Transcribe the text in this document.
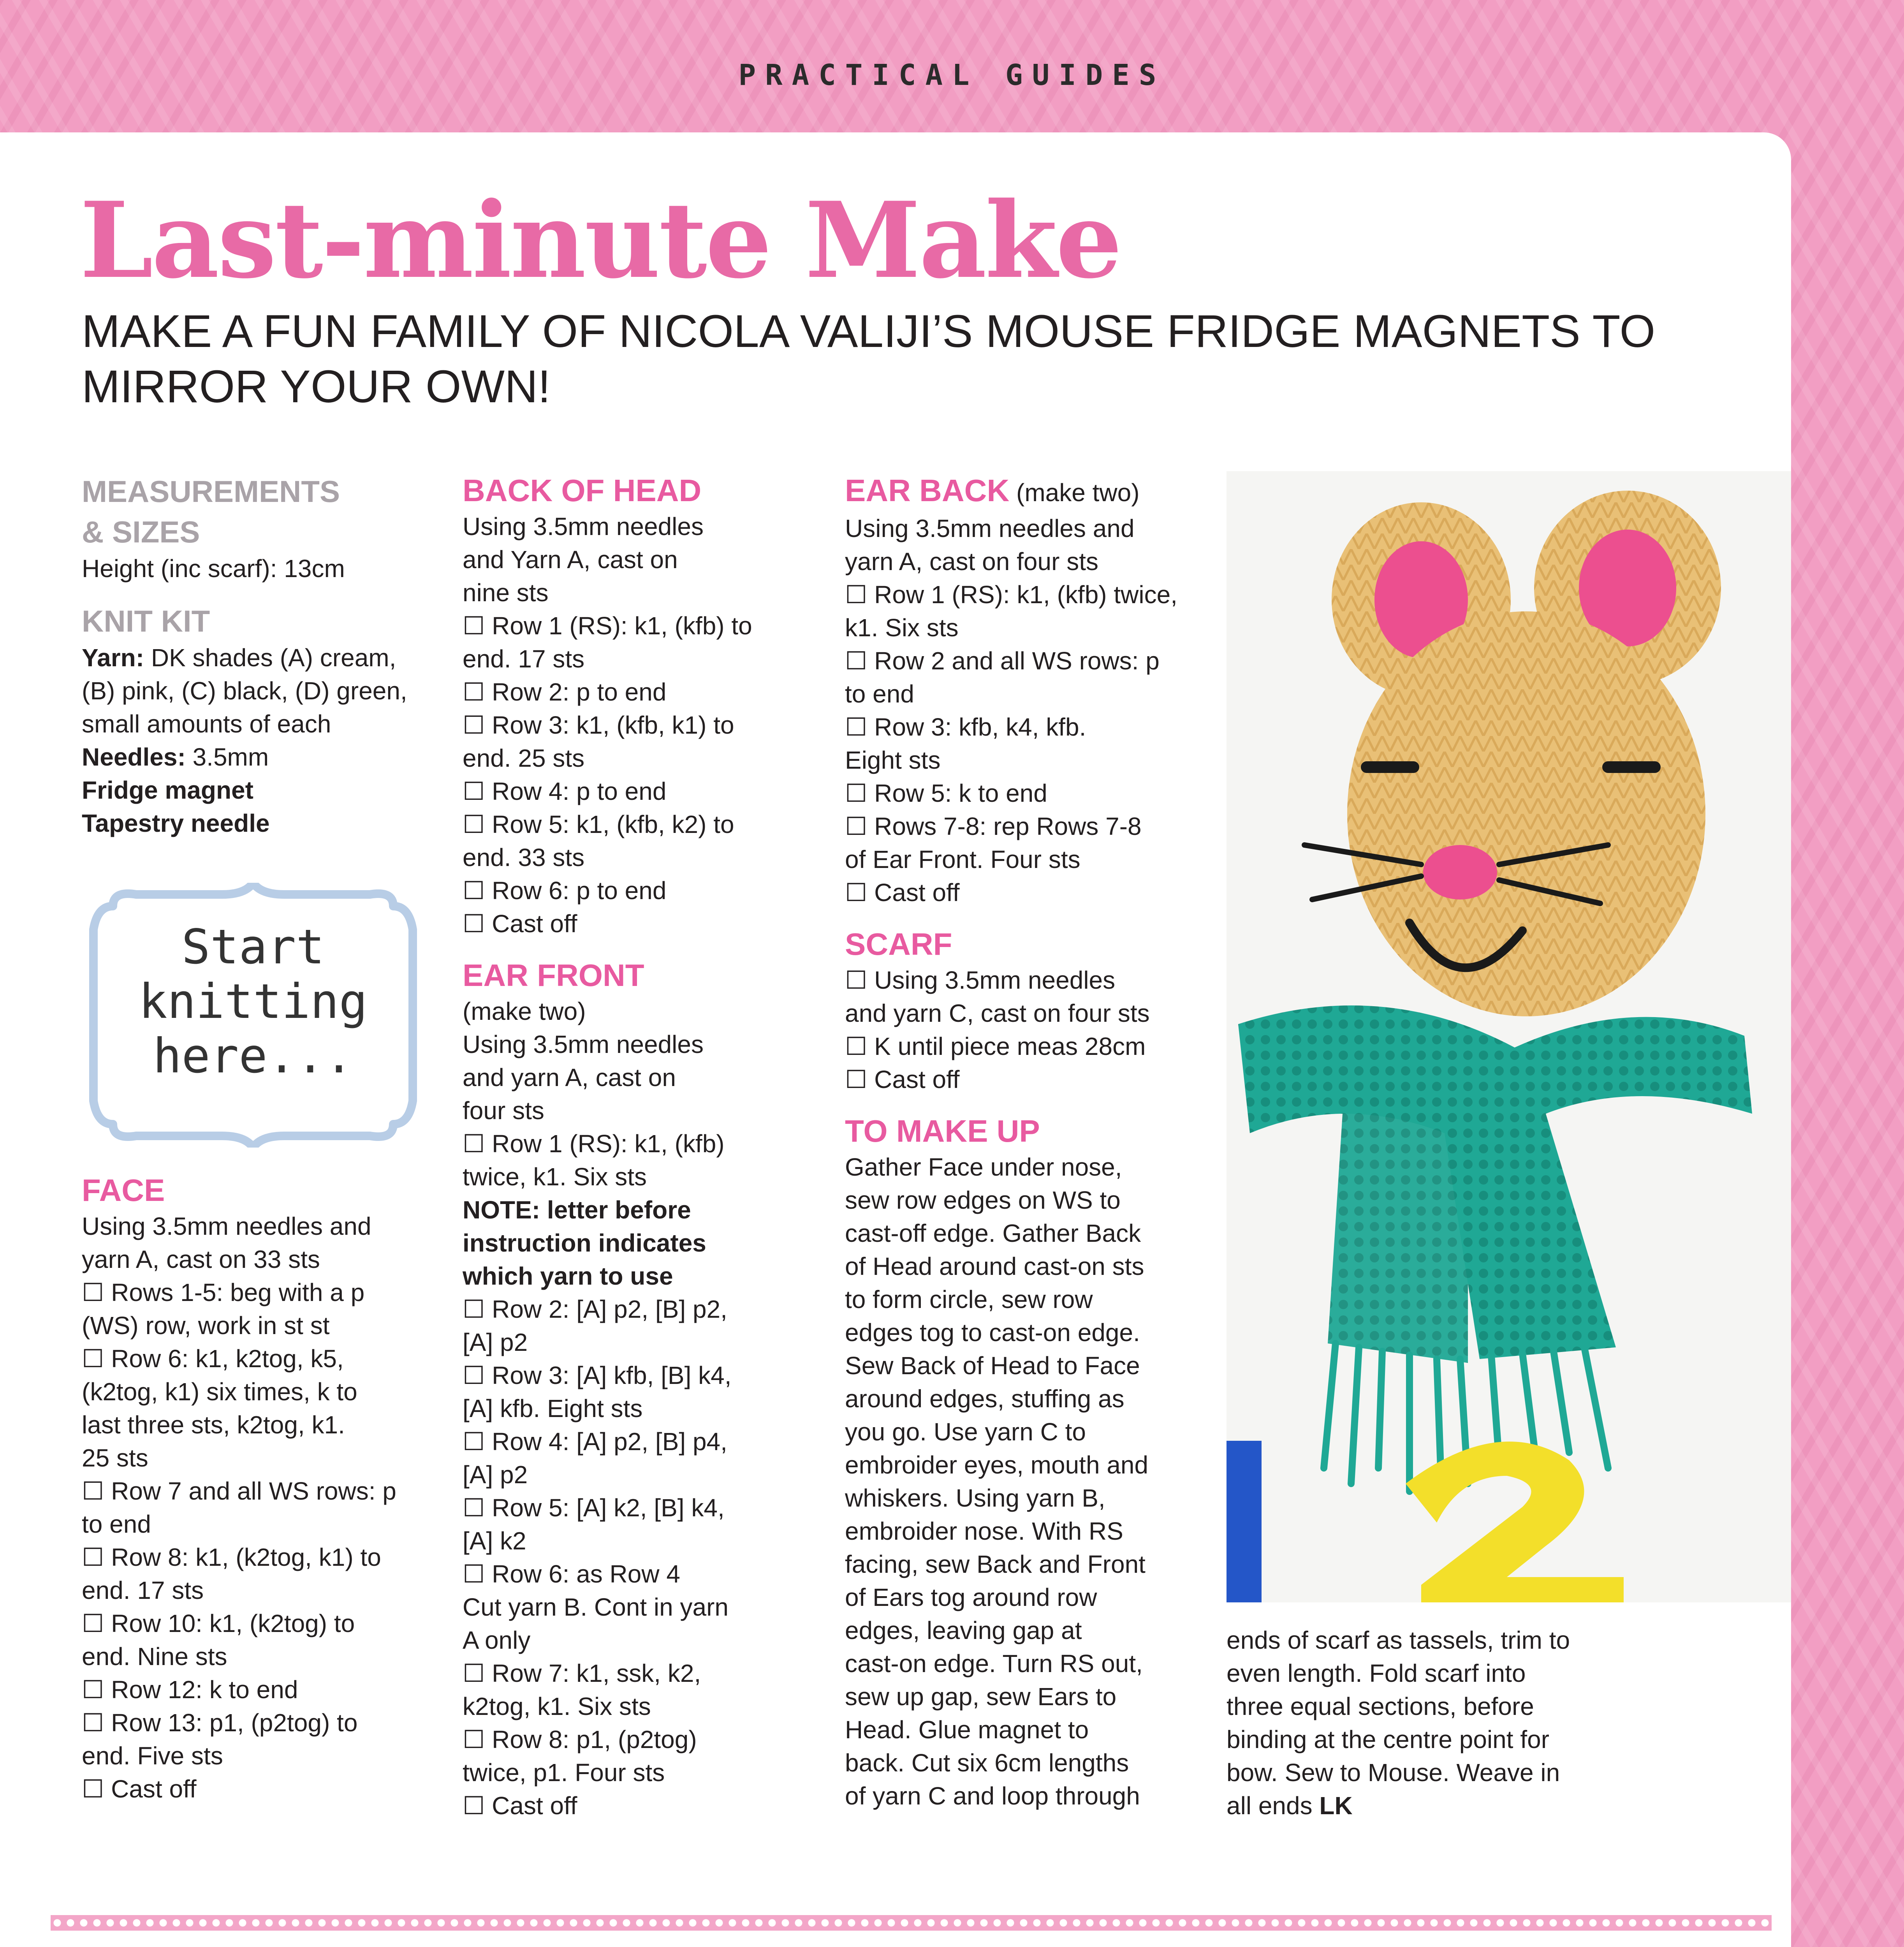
PRACTICAL GUIDES
Last-minute Make

MAKE A FUN FAMILY OF NICOLA VALIJI’S MOUSE FRIDGE MAGNETS TO MIRROR YOUR OWN!

MEASUREMENTS

& SIZES

Height (inc scarf): 13cm

KNIT KIT

Yarn: DK shades (A) cream,

(B) pink, (C) black, (D) green,

small amounts of each

Needles: 3.5mm

Fridge magnet

Tapestry needle

Start
knitting
here...

FACE

Using 3.5mm needles and

yarn A, cast on 33 sts

☐ Rows 1-5: beg with a p

(WS) row, work in st st

☐ Row 6: k1, k2tog, k5,

(k2tog, k1) six times, k to

last three sts, k2tog, k1.

25 sts

☐ Row 7 and all WS rows: p

to end

☐ Row 8: k1, (k2tog, k1) to

end. 17 sts

☐ Row 10: k1, (k2tog) to

end. Nine sts

☐ Row 12: k to end

☐ Row 13: p1, (p2tog) to

end. Five sts

☐ Cast off

BACK OF HEAD

Using 3.5mm needles

and Yarn A, cast on

nine sts

☐ Row 1 (RS): k1, (kfb) to

end. 17 sts

☐ Row 2: p to end

☐ Row 3: k1, (kfb, k1) to

end. 25 sts

☐ Row 4: p to end

☐ Row 5: k1, (kfb, k2) to

end. 33 sts

☐ Row 6: p to end

☐ Cast off

EAR FRONT

(make two)

Using 3.5mm needles

and yarn A, cast on

four sts

☐ Row 1 (RS): k1, (kfb)

twice, k1. Six sts

NOTE: letter before

instruction indicates

which yarn to use

☐ Row 2: [A] p2, [B] p2,

[A] p2

☐ Row 3: [A] kfb, [B] k4,

[A] kfb. Eight sts

☐ Row 4: [A] p2, [B] p4,

[A] p2

☐ Row 5: [A] k2, [B] k4,

[A] k2

☐ Row 6: as Row 4

Cut yarn B. Cont in yarn

A only

☐ Row 7: k1, ssk, k2,

k2tog, k1. Six sts

☐ Row 8: p1, (p2tog)

twice, p1. Four sts

☐ Cast off

EAR BACK (make two)

Using 3.5mm needles and

yarn A, cast on four sts

☐ Row 1 (RS): k1, (kfb) twice,

k1. Six sts

☐ Row 2 and all WS rows: p

to end

☐ Row 3: kfb, k4, kfb.

Eight sts

☐ Row 5: k to end

☐ Rows 7-8: rep Rows 7-8

of Ear Front. Four sts

☐ Cast off

SCARF

☐ Using 3.5mm needles

and yarn C, cast on four sts

☐ K until piece meas 28cm

☐ Cast off

TO MAKE UP

Gather Face under nose,

sew row edges on WS to

cast-off edge. Gather Back

of Head around cast-on sts

to form circle, sew row

edges tog to cast-on edge.

Sew Back of Head to Face

around edges, stuffing as

you go. Use yarn C to

embroider eyes, mouth and

whiskers. Using yarn B,

embroider nose. With RS

facing, sew Back and Front

of Ears tog around row

edges, leaving gap at

cast-on edge. Turn RS out,

sew up gap, sew Ears to

Head. Glue magnet to

back. Cut six 6cm lengths

of yarn C and loop through

ends of scarf as tassels, trim to

even length. Fold scarf into

three equal sections, before

binding at the centre point for

bow. Sew to Mouse. Weave in

all ends LK
